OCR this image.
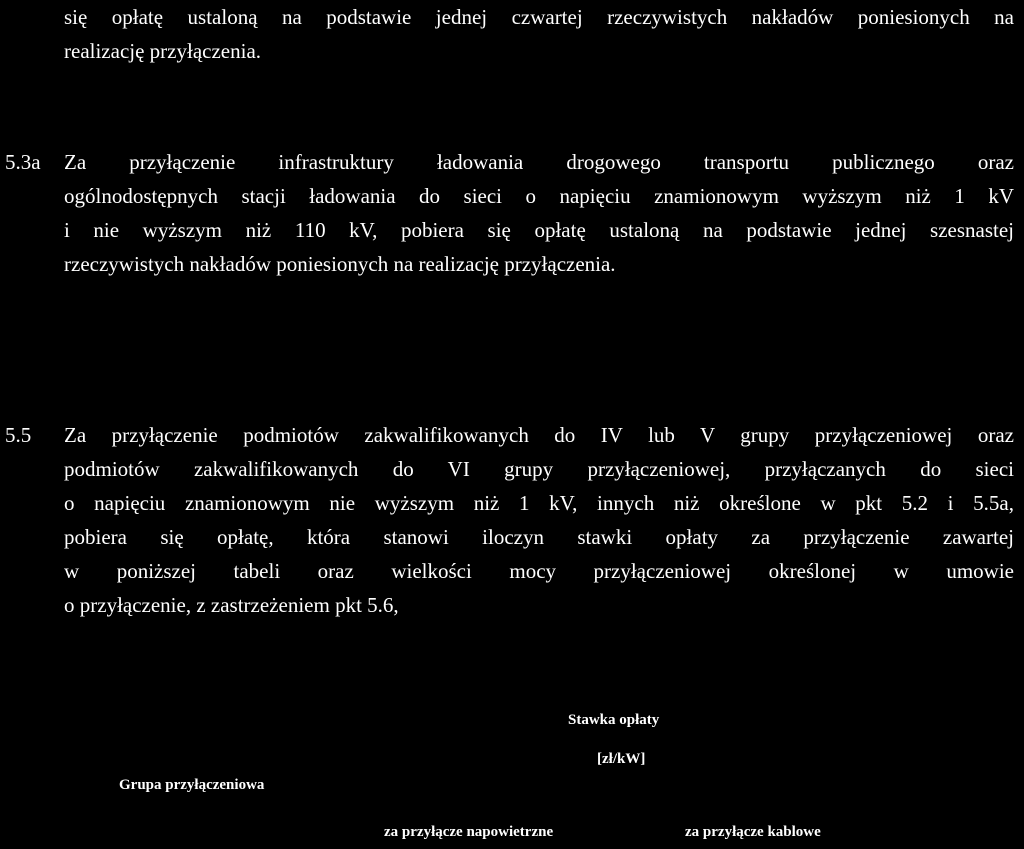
się opłatę ustaloną na podstawie jednej czwartej rzeczywistych nakładów poniesionych na
realizację przyłączenia.
5.3a Za przyłączenie infrastruktury ładowania drogowego transportu publicznego oraz
ogólnodostępnych stacji ładowania do sieci o napięciu znamionowym wyższym niż 1 kV
i nie wyższym niż 110 kV, pobiera się opłatę ustaloną na podstawie jednej szesnastej
rzeczywistych nakładów poniesionych na realizację przyłączenia.
5.5 Za przyłączenie podmiotów zakwalifikowanych do IV lub V grupy przyłączeniowej oraz
podmiotów zakwalifikowanych do VI grupy przyłączeniowej, przyłączanych do sieci
o napięciu znamionowym nie wyższym niż 1 kV, innych niż określone w pkt 5.2 i 5.5a,
pobiera się opłatę, która stanowi iloczyn stawki opłaty za przyłączenie zawartej
w poniższej tabeli oraz wielkości mocy przyłączeniowej określonej w umowie
o przyłączenie, z zastrzeżeniem pkt 5.6,
Stawka opłaty
[zł/kW]
Grupa przyłączeniowa
za przyłącze napowietrzne	za przyłącze kablowe
